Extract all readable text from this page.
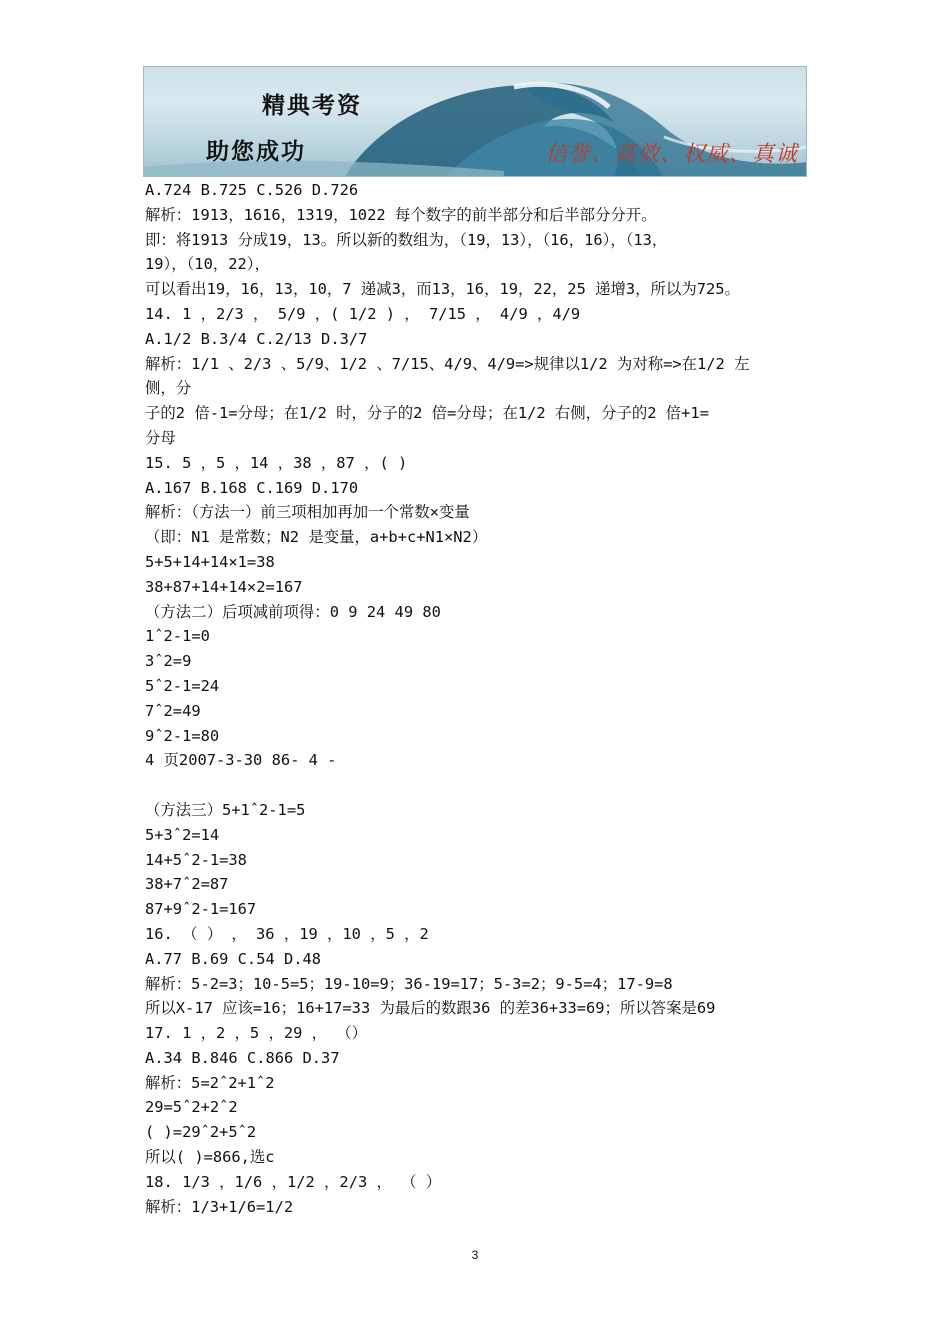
精典考资
助您成功	信誉、高效、权威、真诚
A.724 B.725 C.526 D.726
解析：1913，1616，1319，1022 每个数字的前半部分和后半部分分开。
即：将1913 分成19，13。所以新的数组为，（19，13），（16，16），（13，
19），（10，22），
可以看出19，16，13，10，7 递减3，而13，16，19，22，25 递增3，所以为725。
14. 1 ，2/3 ， 5/9 ，( 1/2 ) ， 7/15 ， 4/9 ，4/9
A.1/2 B.3/4 C.2/13 D.3/7
解析：1/1 、2/3 、5/9、1/2 、7/15、4/9、4/9=>规律以1/2 为对称=>在1/2 左
侧，分
子的2 倍-1=分母；在1/2 时，分子的2 倍=分母；在1/2 右侧，分子的2 倍+1=
分母
15. 5 ，5 ，14 ，38 ，87 ，( )
A.167 B.168 C.169 D.170
解析：（方法一）前三项相加再加一个常数×变量
（即：N1 是常数；N2 是变量，a+b+c+N1×N2）
5+5+14+14×1=38
38+87+14+14×2=167
（方法二）后项减前项得：0 9 24 49 80
1ˆ2-1=0
3ˆ2=9
5ˆ2-1=24
7ˆ2=49
9ˆ2-1=80
4 页2007-3-30 86- 4 -
（方法三）5+1ˆ2-1=5
5+3ˆ2=14
14+5ˆ2-1=38
38+7ˆ2=87
87+9ˆ2-1=167
16. （ ） ， 36 ，19 ，10 ，5 ，2
A.77 B.69 C.54 D.48
解析：5-2=3；10-5=5；19-10=9；36-19=17；5-3=2；9-5=4；17-9=8
所以X-17 应该=16；16+17=33 为最后的数跟36 的差36+33=69；所以答案是69
17. 1 ，2 ，5 ，29 ， （）
A.34 B.846 C.866 D.37
解析：5=2ˆ2+1ˆ2
29=5ˆ2+2ˆ2
( )=29ˆ2+5ˆ2
所以( )=866,选c
18. 1/3 ，1/6 ，1/2 ，2/3 ， （ ）
解析：1/3+1/6=1/2
3
